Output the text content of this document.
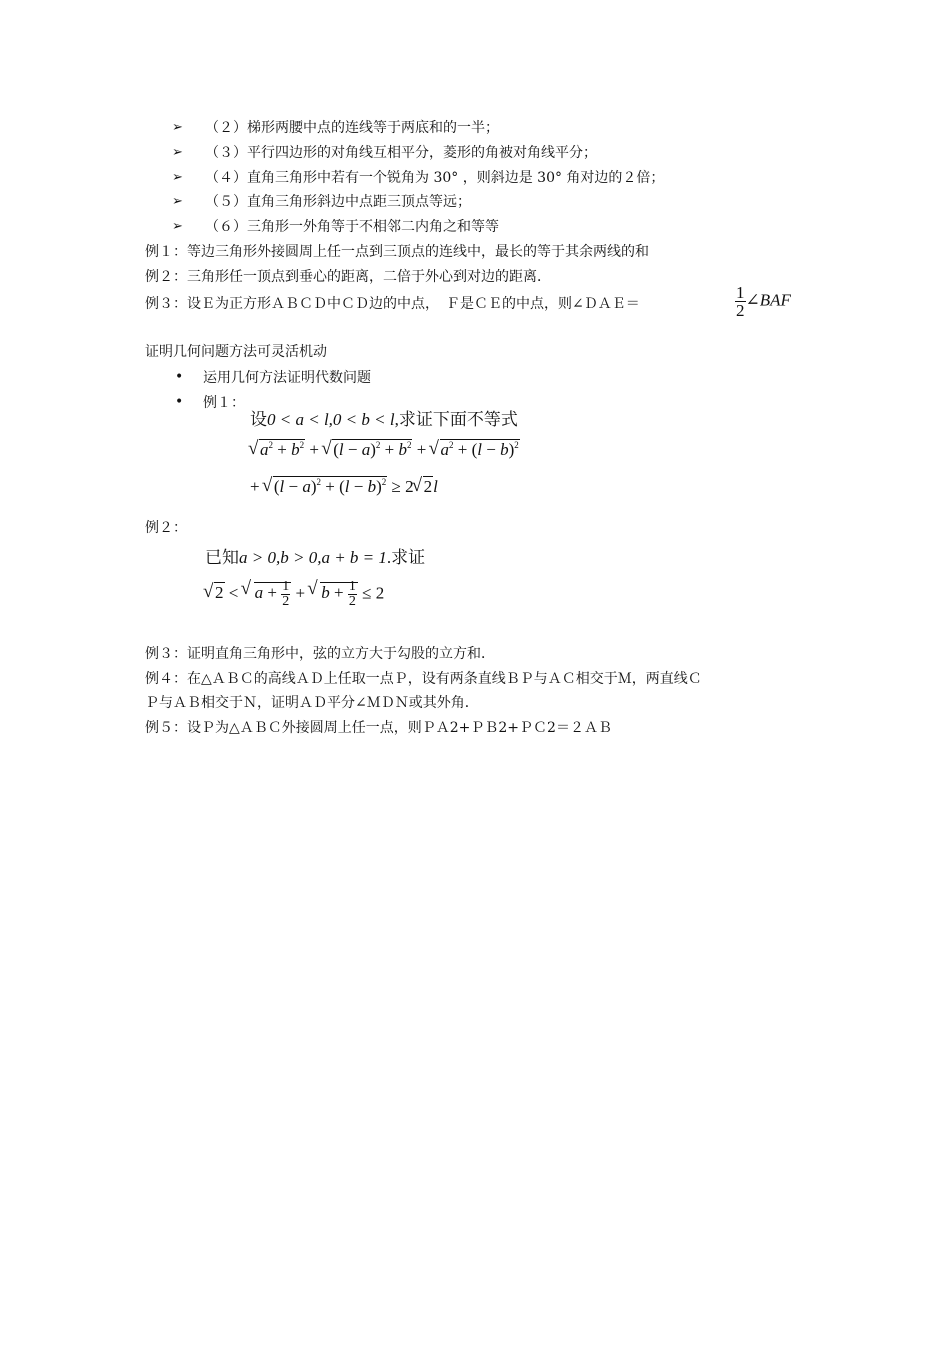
➢ （２）梯形两腰中点的连线等于两底和的一半；
➢ （３）平行四边形的对角线互相平分，菱形的角被对角线平分；
➢ （４）直角三角形中若有一个锐角为 30° ，则斜边是 30° 角对边的２倍；
➢ （５）直角三角形斜边中点距三顶点等远；
➢ （６）三角形一外角等于不相邻二内角之和等等
例１：等边三角形外接圆周上任一点到三顶点的连线中，最长的等于其余两线的和
例２：三角形任一顶点到垂心的距离，二倍于外心到对边的距离．
例３：设Ｅ为正方形ＡＢＣＤ中ＣＤ边的中点，　Ｆ是ＣＥ的中点，则∠ＤＡＥ＝	$\frac{1}{2}$ ∠BAF
证明几何问题方法可灵活机动
• 运用几何方法证明代数问题
• 例１：
设0 < a < l,0 < b < l,求证下面不等式
√ $a^2 + b^2$ + √ $(l - a)^2 + b^2$ + √ $a^2 + (l - b)^2$
+ √ $(l - a)^2 + (l - b)^2 \ge 2√$ 2l
例２：
已知a > 0,b > 0,a + b = 1.求证
√ 2 < √ $a + \frac{1}{2}$ + √ $b + \frac{1}{2} \le 2$
例３：证明直角三角形中，弦的立方大于勾股的立方和．
例４：在△ＡＢＣ的高线ＡＤ上任取一点Ｐ，设有两条直线ＢＰ与ＡＣ相交于Ｍ，两直线Ｃ
Ｐ与ＡＢ相交于Ｎ，证明ＡＤ平分∠ＭＤＮ或其外角．
例５：设Ｐ为△ＡＢＣ外接圆周上任一点，则ＰＡ2+ＰＢ2+ＰＣ2＝２ＡＢ
